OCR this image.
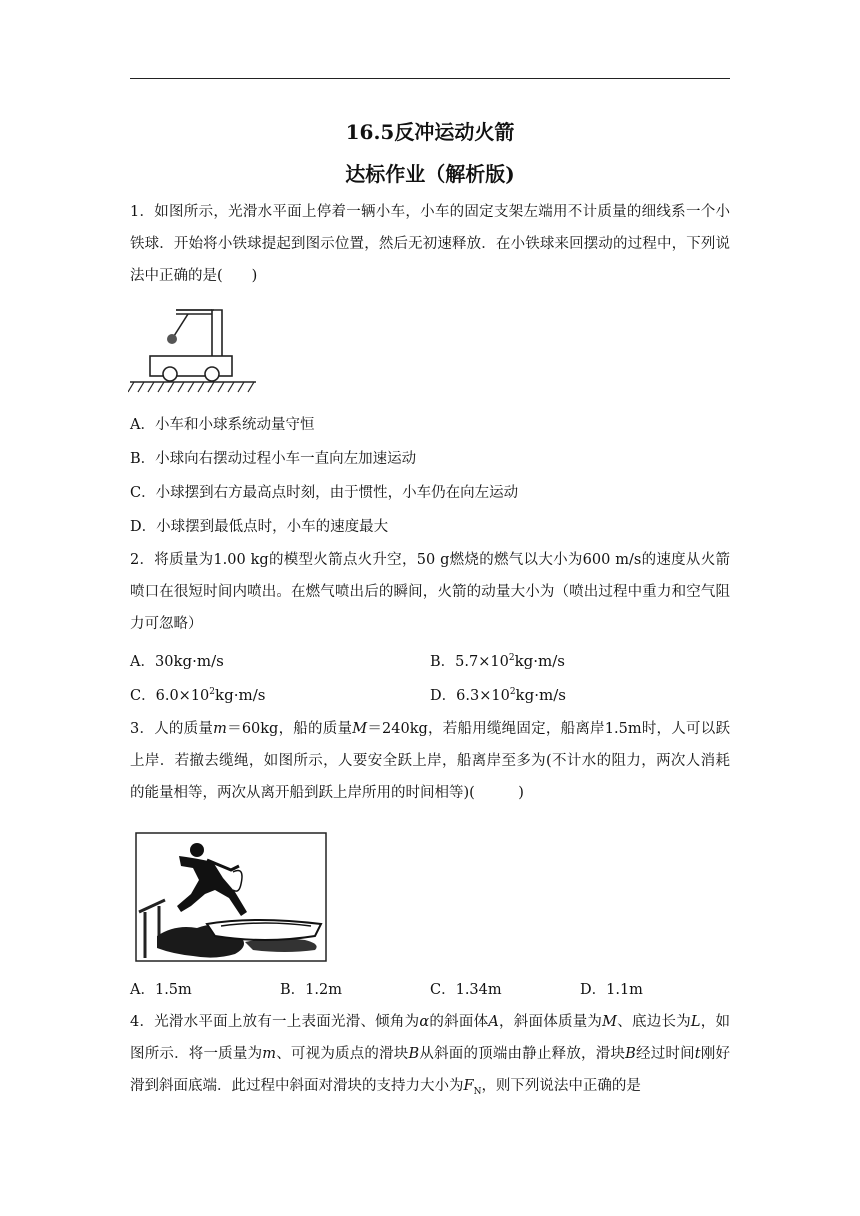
16.5反冲运动火箭
达标作业（解析版)

1．如图所示，光滑水平面上停着一辆小车，小车的固定支架左端用不计质量的细线系一个小铁球．开始将小铁球提起到图示位置，然后无初速释放．在小铁球来回摆动的过程中，下列说法中正确的是(　　)

A．小车和小球系统动量守恒
B．小球向右摆动过程小车一直向左加速运动
C．小球摆到右方最高点时刻，由于惯性，小车仍在向左运动
D．小球摆到最低点时，小车的速度最大

2．将质量为1.00 kg的模型火箭点火升空，50 g燃烧的燃气以大小为600 m/s的速度从火箭喷口在很短时间内喷出。在燃气喷出后的瞬间，火箭的动量大小为（喷出过程中重力和空气阻力可忽略）

A．30kg·m/s	B．$5.7\times 10^2kg\cdot m/s$
C．$6.0\times 10^2kg\cdot m/s$	D．$6.3\times 10^2kg\cdot m/s$

3．人的质量m＝60kg，船的质量M＝240kg，若船用缆绳固定，船离岸1.5m时，人可以跃上岸．若撤去缆绳，如图所示，人要安全跃上岸，船离岸至多为(不计水的阻力，两次人消耗的能量相等，两次从离开船到跃上岸所用的时间相等)(　　　)

A．1.5m	B．1.2m	C．1.34m	D．1.1m

4．光滑水平面上放有一上表面光滑、倾角为α的斜面体A，斜面体质量为M、底边长为L，如图所示．将一质量为m、可视为质点的滑块B从斜面的顶端由静止释放，滑块B经过时间t刚好滑到斜面底端．此过程中斜面对滑块的支持力大小为$F_N$，则下列说法中正确的是
